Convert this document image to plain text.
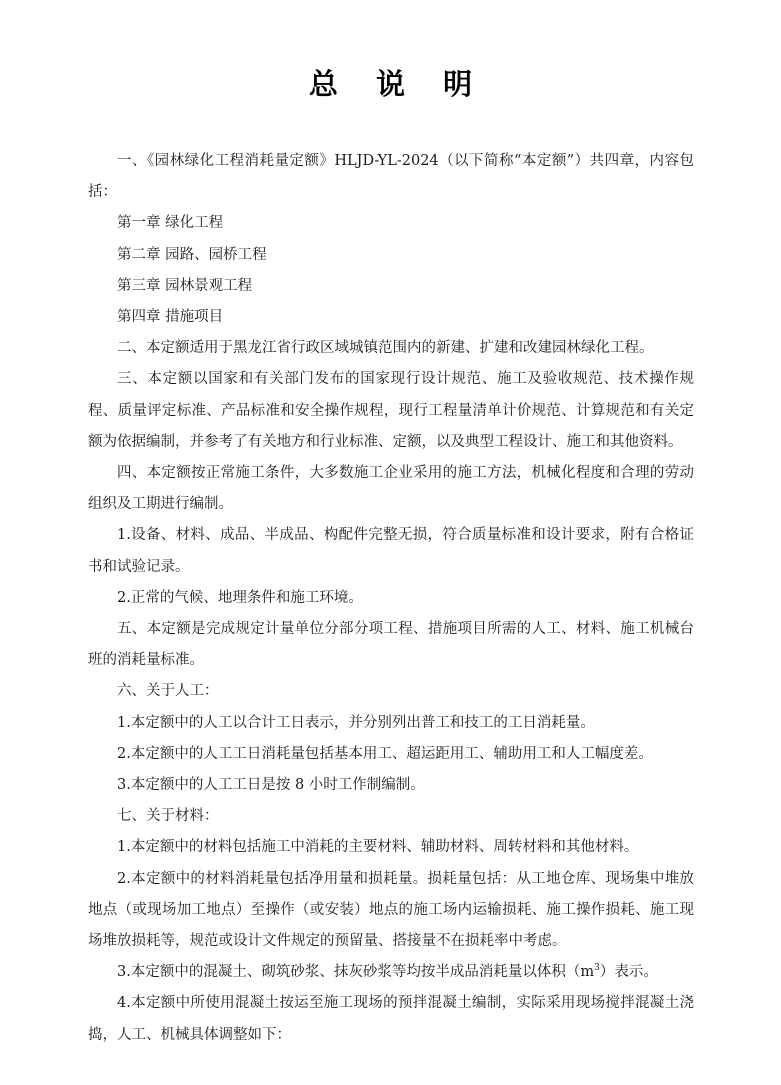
总 说 明

一、《园林绿化工程消耗量定额》HLJD-YL-2024（以下简称“本定额”）共四章，内容包括：

第一章 绿化工程

第二章 园路、园桥工程

第三章 园林景观工程

第四章 措施项目

二、本定额适用于黑龙江省行政区域城镇范围内的新建、扩建和改建园林绿化工程。

三、本定额以国家和有关部门发布的国家现行设计规范、施工及验收规范、技术操作规程、质量评定标准、产品标准和安全操作规程，现行工程量清单计价规范、计算规范和有关定额为依据编制，并参考了有关地方和行业标准、定额，以及典型工程设计、施工和其他资料。

四、本定额按正常施工条件，大多数施工企业采用的施工方法，机械化程度和合理的劳动组织及工期进行编制。

1.设备、材料、成品、半成品、构配件完整无损，符合质量标准和设计要求，附有合格证书和试验记录。

2.正常的气候、地理条件和施工环境。

五、本定额是完成规定计量单位分部分项工程、措施项目所需的人工、材料、施工机械台班的消耗量标准。

六、关于人工：

1.本定额中的人工以合计工日表示，并分别列出普工和技工的工日消耗量。

2.本定额中的人工工日消耗量包括基本用工、超运距用工、辅助用工和人工幅度差。

3.本定额中的人工工日是按 8 小时工作制编制。

七、关于材料：

1.本定额中的材料包括施工中消耗的主要材料、辅助材料、周转材料和其他材料。

2.本定额中的材料消耗量包括净用量和损耗量。损耗量包括：从工地仓库、现场集中堆放地点（或现场加工地点）至操作（或安装）地点的施工场内运输损耗、施工操作损耗、施工现场堆放损耗等，规范或设计文件规定的预留量、搭接量不在损耗率中考虑。

3.本定额中的混凝土、砌筑砂浆、抹灰砂浆等均按半成品消耗量以体积$(m^3)$表示。

4.本定额中所使用混凝土按运至施工现场的预拌混凝土编制，实际采用现场搅拌混凝土浇捣，人工、机械具体调整如下：
